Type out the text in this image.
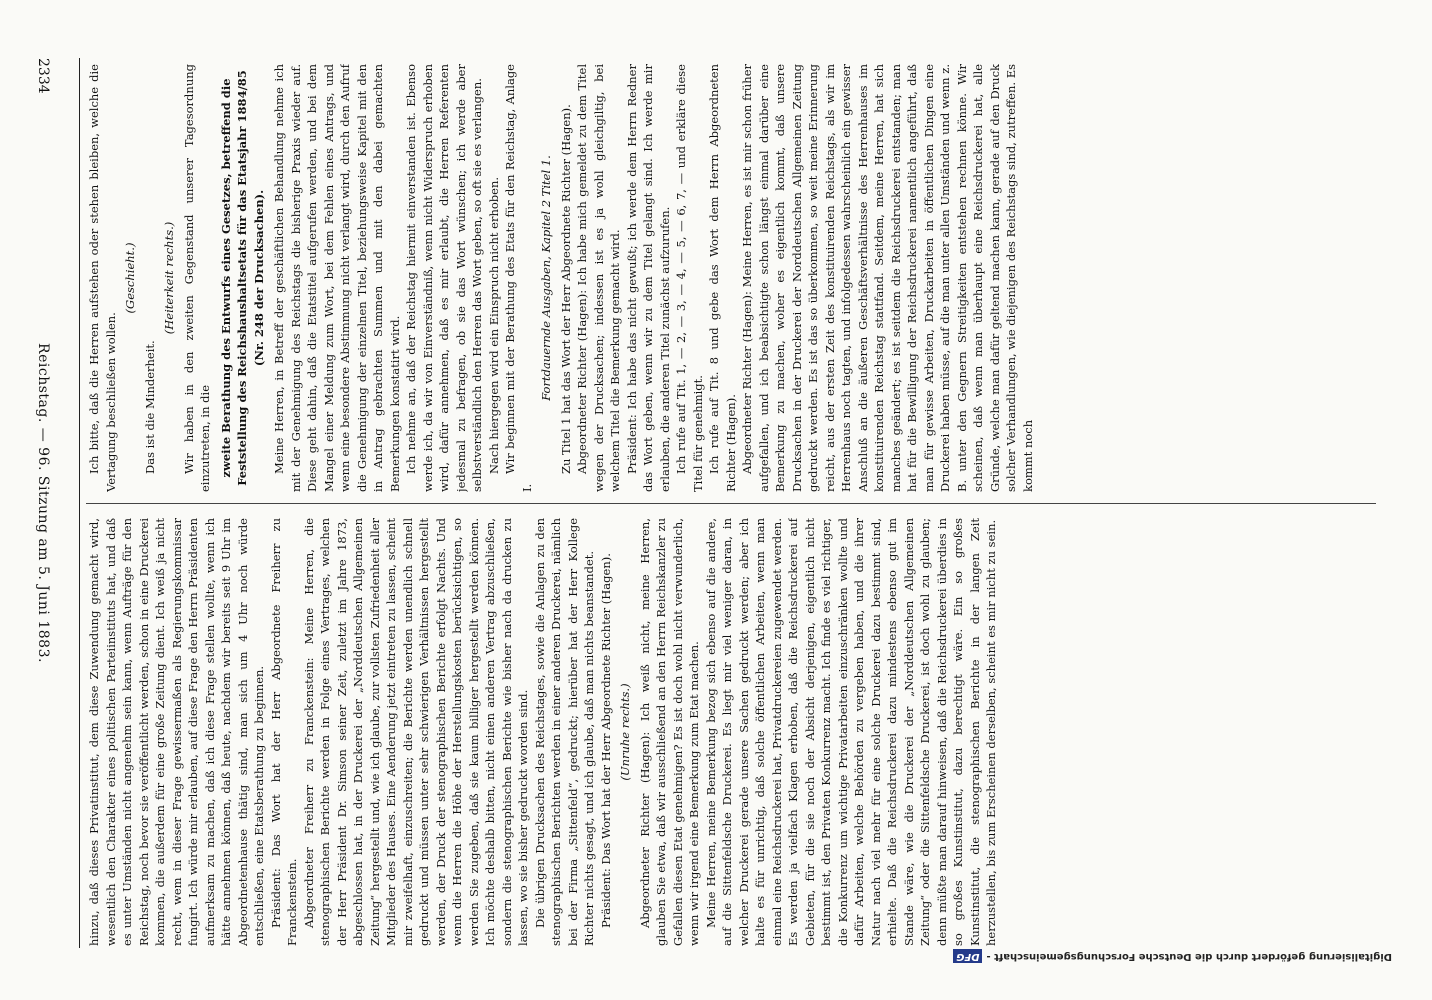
2334
Reichstag. — 96. Sitzung am 5. Juni 1883.

Ich bitte, daß die Herren aufstehen oder stehen bleiben, welche die Vertagung beschließen wollen.

(Geschieht.)

Das ist die Minderheit.

(Heiterkeit rechts.) Wir haben in den zweiten Gegenstand unserer Tagesordnung einzutreten, in die zweite Berathung des Entwurfs eines Gesetzes, betreffend die Feststellung des Reichshaushaltsetats für das Etatsjahr 1884/85 (Nr. 248 der Drucksachen). Meine Herren, in Betreff der geschäftlichen Behandlung nehme ich mit der Genehmigung des Reichstags die bisherige Praxis wieder auf. Diese geht dahin, daß die Etatstitel aufgerufen werden, und bei dem Mangel einer Meldung zum Wort, bei dem Fehlen eines Antrags, und wenn eine besondere Abstimmung nicht verlangt wird, durch den Aufruf die Genehmigung der einzelnen Titel, beziehungsweise Kapitel mit den in Antrag gebrachten Summen und mit den dabei gemachten Bemerkungen konstatirt wird. Ich nehme an, daß der Reichstag hiermit einverstanden ist. Ebenso werde ich, da wir von Einverständniß, wenn nicht Widerspruch erhoben wird, dafür annehmen, daß es mir erlaubt, die Herren Referenten jedesmal zu befragen, ob sie das Wort wünschen; ich werde aber selbstverständlich den Herren das Wort geben, so oft sie es verlangen. Nach hiergegen wird ein Einspruch nicht erhoben. Wir beginnen mit der Berathung des Etats für den Reichstag, Anlage I.

Fortdauernde Ausgaben, Kapitel 2 Titel 1. Zu Titel 1 hat das Wort der Herr Abgeordnete Richter (Hagen). Abgeordneter Richter (Hagen): Ich habe mich gemeldet zu dem Titel wegen der Drucksachen; indessen ist es ja wohl gleichgiltig, bei welchem Titel die Bemerkung gemacht wird. Präsident: Ich habe das nicht gewußt; ich werde dem Herrn Redner das Wort geben, wenn wir zu dem Titel gelangt sind. Ich werde mir erlauben, die anderen Titel zunächst aufzurufen. Ich rufe auf Tit. 1, — 2, — 3, — 4, — 5, — 6, 7, — und erkläre diese Titel für genehmigt. Ich rufe auf Tit. 8 und gebe das Wort dem Herrn Abgeordneten Richter (Hagen). Abgeordneter Richter (Hagen): Meine Herren, es ist mir schon früher aufgefallen, und ich beabsichtigte schon längst einmal darüber eine Bemerkung zu machen, woher es eigentlich kommt, daß unsere Drucksachen in der Druckerei der Norddeutschen Allgemeinen Zeitung gedruckt werden. Es ist das so überkommen, so weit meine Erinnerung reicht, aus der ersten Zeit des konstituirenden Reichstags, als wir im Herrenhaus noch tagten, und infolgedessen wahrscheinlich ein gewisser Anschluß an die äußeren Geschäftsverhältnisse des Herrenhauses im konstituirenden Reichstag stattfand. Seitdem, meine Herren, hat sich manches geändert; es ist seitdem die Reichsdruckerei entstanden; man hat für die Bewilligung der Reichsdruckerei namentlich angeführt, daß man für gewisse Arbeiten, Druckarbeiten in öffentlichen Dingen eine Druckerei haben müsse, auf die man unter allen Umständen und wenn z. B. unter den Gegnern Streitigkeiten entstehen rechnen könne. Wir scheinen, daß wenn man überhaupt eine Reichsdruckerei hat, alle Gründe, welche man dafür geltend machen kann, gerade auf den Druck solcher Verhandlungen, wie diejenigen des Reichstags sind, zutreffen. Es kommt noch

hinzu, daß dieses Privatinstitut, dem diese Zuwendung gemacht wird, wesentlich den Charakter eines politischen Parteiinstituts hat, und daß es unter Umständen nicht angenehm sein kann, wenn Aufträge für den Reichstag, noch bevor sie veröffentlicht werden, schon in eine Druckerei kommen, die außerdem für eine große Zeitung dient. Ich weiß ja nicht recht, wem in dieser Frage gewissermaßen als Regierungskommissar fungirt. Ich würde mir erlauben, auf diese Frage den Herrn Präsidenten aufmerksam zu machen, daß ich diese Frage stellen wollte, wenn ich hätte annehmen können, daß heute, nachdem wir bereits seit 9 Uhr im Abgeordnetenhause thätig sind, man sich um 4 Uhr noch würde entschließen, eine Etatsberathung zu beginnen. Präsident: Das Wort hat der Herr Abgeordnete Freiherr zu Franckenstein. Abgeordneter Freiherr zu Franckenstein: Meine Herren, die stenographischen Berichte werden in Folge eines Vertrages, welchen der Herr Präsident Dr. Simson seiner Zeit, zuletzt im Jahre 1873, abgeschlossen hat, in der Druckerei der „Norddeutschen Allgemeinen Zeitung“ hergestellt und, wie ich glaube, zur vollsten Zufriedenheit aller Mitglieder des Hauses. Eine Aenderung jetzt eintreten zu lassen, scheint mir zweifelhaft, einzuschreiten; die Berichte werden unendlich schnell gedruckt und müssen unter sehr schwierigen Verhältnissen hergestellt werden, der Druck der stenographischen Berichte erfolgt Nachts. Und wenn die Herren die Höhe der Herstellungskosten berücksichtigen, so werden Sie zugeben, daß sie kaum billiger hergestellt werden können. Ich möchte deshalb bitten, nicht einen anderen Vertrag abzuschließen, sondern die stenographischen Berichte wie bisher nach da drucken zu lassen, wo sie bisher gedruckt worden sind. Die übrigen Drucksachen des Reichstages, sowie die Anlagen zu den stenographischen Berichten werden in einer anderen Druckerei, nämlich bei der Firma „Sittenfeld“, gedruckt; hierüber hat der Herr Kollege Richter nichts gesagt, und ich glaube, daß man nichts beanstandet. Präsident: Das Wort hat der Herr Abgeordnete Richter (Hagen). (Unruhe rechts.) Abgeordneter Richter (Hagen): Ich weiß nicht, meine Herren, glauben Sie etwa, daß wir ausschließend an den Herrn Reichskanzler zu Gefallen diesen Etat genehmigen? Es ist doch wohl nicht verwunderlich, wenn wir irgend eine Bemerkung zum Etat machen. Meine Herren, meine Bemerkung bezog sich ebenso auf die andere, auf die Sittenfeldsche Druckerei. Es liegt mir viel weniger daran, in welcher Druckerei gerade unsere Sachen gedruckt werden; aber ich halte es für unrichtig, daß solche öffentlichen Arbeiten, wenn man einmal eine Reichsdruckerei hat, Privatdruckereien zugewendet werden. Es werden ja vielfach Klagen erhoben, daß die Reichsdruckerei auf Gebieten, für die sie noch der Absicht derjenigen, eigentlich nicht bestimmt ist, den Privaten Konkurrenz macht. Ich finde es viel richtiger, die Konkurrenz um wichtige Privatarbeiten einzuschränken wollte und dafür Arbeiten, welche Behörden zu vergeben haben, und die ihrer Natur nach viel mehr für eine solche Druckerei dazu bestimmt sind, erhielte. Daß die Reichsdruckerei dazu mindestens ebenso gut im Stande wäre, wie die Druckerei der „Norddeutschen Allgemeinen Zeitung“ oder die Sittenfeldsche Druckerei, ist doch wohl zu glauben; denn müßte man darauf hinweisen, daß die Reichsdruckerei überdies in so großes Kunstinstitut, dazu berechtigt wäre. Ein so großes Kunstinstitut, die stenographischen Berichte in der langen Zeit herzustellen, bis zum Erscheinen derselben, scheint es mir nicht zu sein.

Digitalisierung gefördert durch die Deutsche Forschungsgemeinschaft -DFG
